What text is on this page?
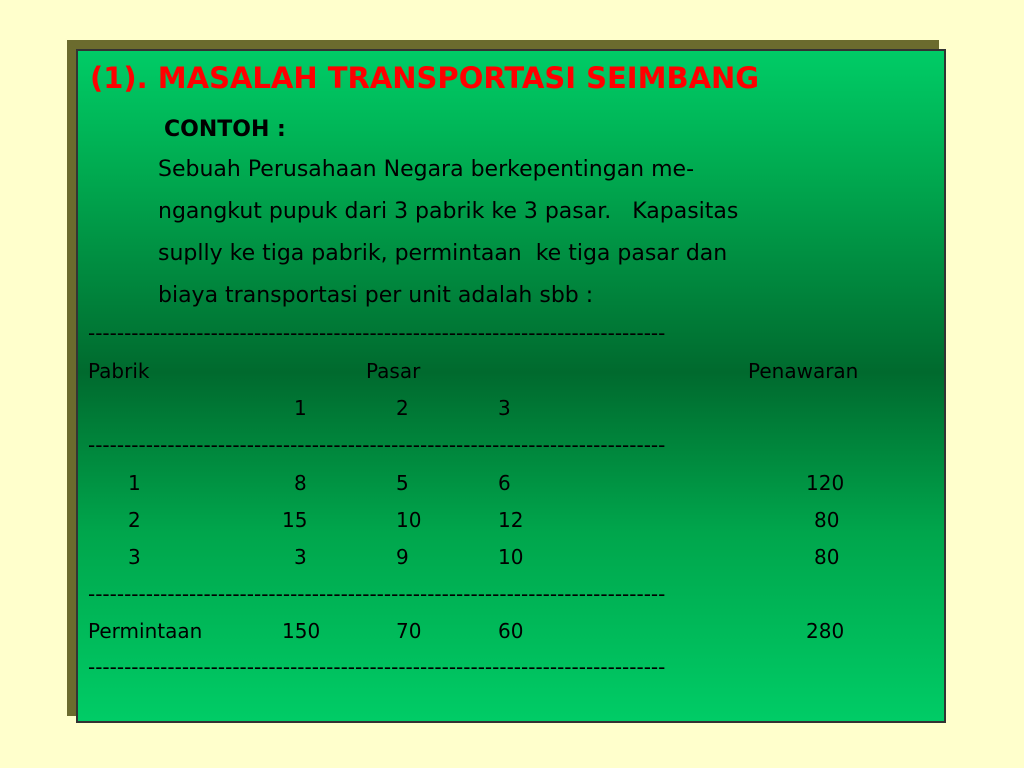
(1). MASALAH TRANSPORTASI SEIMBANG
CONTOH :
Sebuah Perusahaan Negara berkepentingan me-
ngangkut pupuk dari 3 pabrik ke 3 pasar.   Kapasitas
suplly ke tiga pabrik, permintaan  ke tiga pasar dan
biaya transportasi per unit adalah sbb :
--------------------------------------------------------------------------------
Pabrik	Pasar	Penawaran
1	2	3
--------------------------------------------------------------------------------
1	8	5	6	120
2	15	10	12	80
3	3	9	10	80
--------------------------------------------------------------------------------
Permintaan	150	70	60	280
--------------------------------------------------------------------------------
